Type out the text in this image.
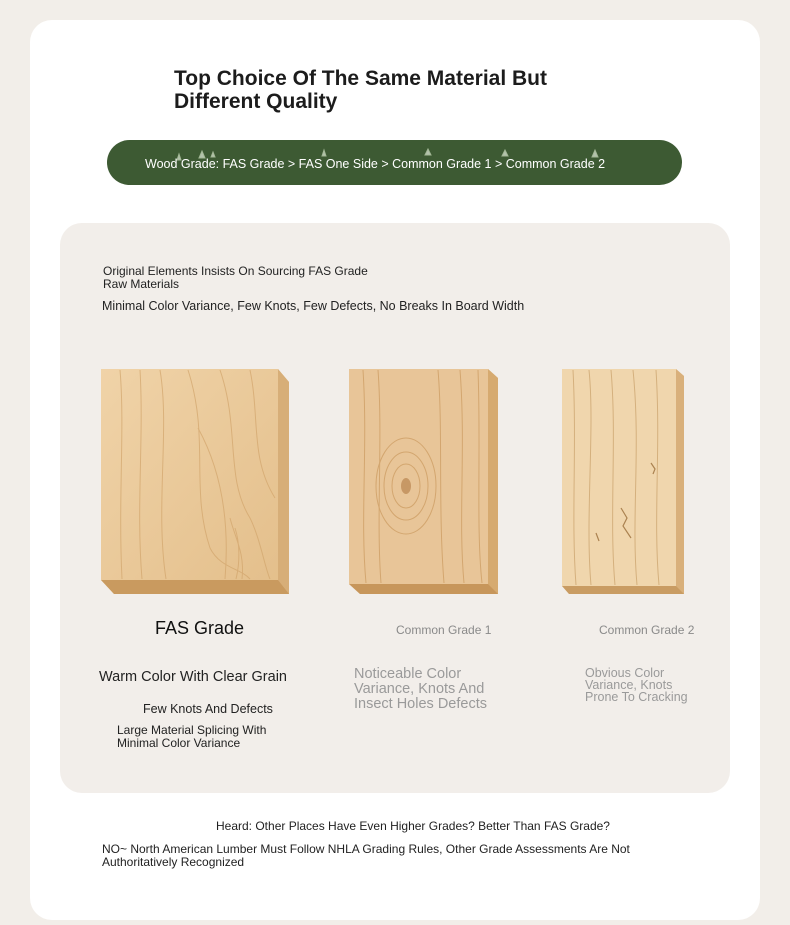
Top Choice Of The Same Material But Different Quality
Wood Grade: FAS Grade > FAS One Side > Common Grade 1 > Common Grade 2
Original Elements Insists On Sourcing FAS Grade Raw Materials
Minimal Color Variance, Few Knots, Few Defects, No Breaks In Board Width
FAS Grade	Common Grade 1	Common Grade 2
Warm Color With Clear Grain
Few Knots And Defects
Large Material Splicing With Minimal Color Variance
Noticeable Color Variance, Knots And Insect Holes Defects
Obvious Color Variance, Knots Prone To Cracking
Heard: Other Places Have Even Higher Grades? Better Than FAS Grade?
NO~ North American Lumber Must Follow NHLA Grading Rules, Other Grade Assessments Are Not Authoritatively Recognized
